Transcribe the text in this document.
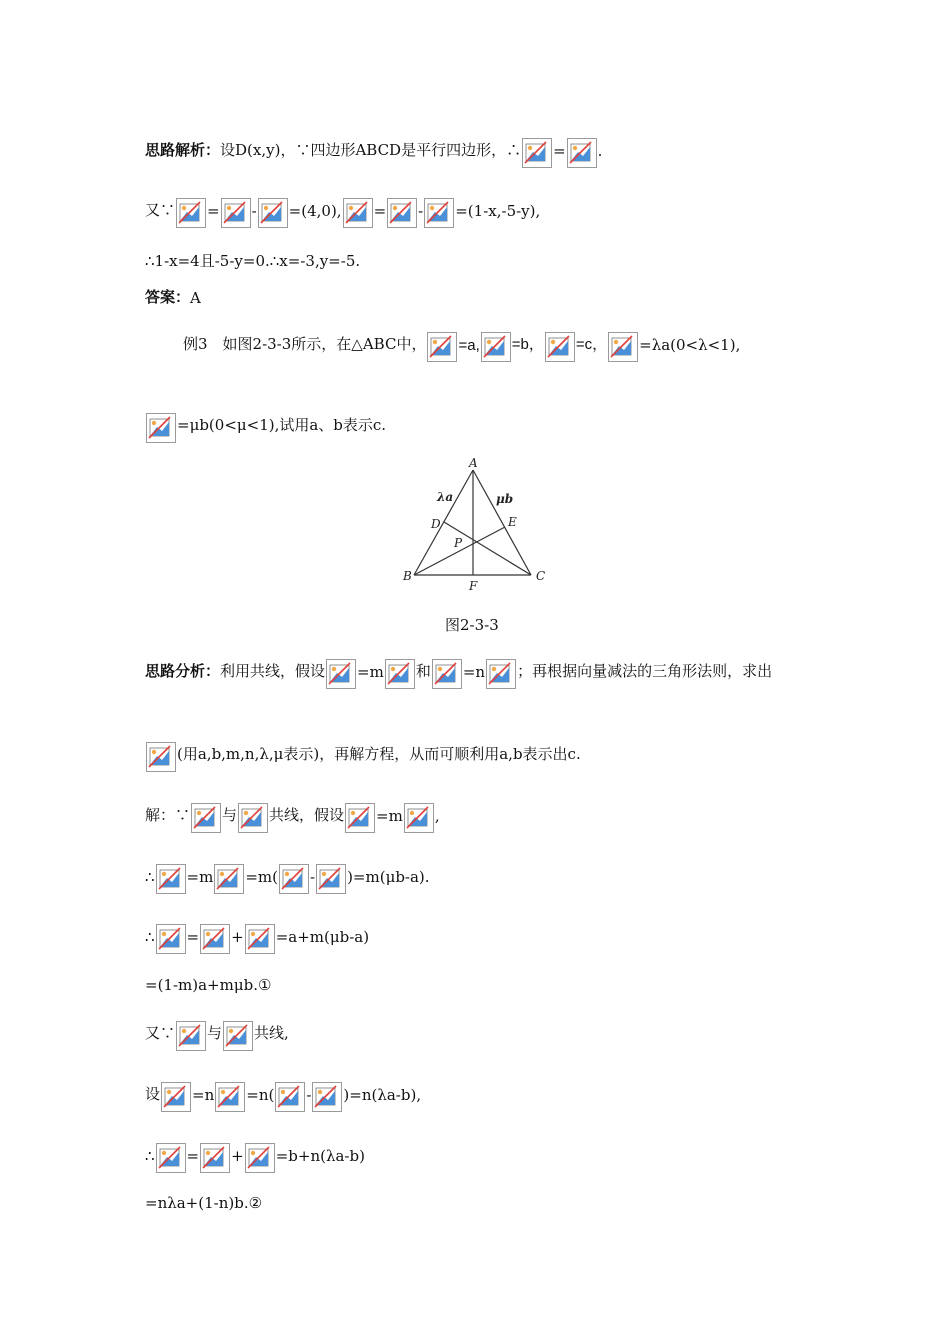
思路解析： 设D(x,y)，∵四边形ABCD是平行四边形，∴ = .
又∵ = - =(4,0), = - =(1-x,-5-y),
∴1-x=4且-5-y=0.∴x=-3,y=-5.
答案： A
例3　如图2-3-3所示，在△ABC中， =a, =b， =c， =λa(0<λ<1),
=μb(0<μ<1),试用a、b表示c.
A
B	C
D	E
F
P
λa	μb
图2-3-3
思路分析： 利用共线，假设 =m 和 =n ；再根据向量减法的三角形法则，求出
(用a,b,m,n,λ,μ表示)，再解方程，从而可顺利用a,b表示出c.
解：∵ 与 共线，假设 =m ,
∴ =m =m( - )=m(μb-a).
∴ = + =a+m(μb-a)
=(1-m)a+mμb.①
又∵ 与 共线,
设 =n =n( - )=n(λa-b),
∴ = + =b+n(λa-b)
=nλa+(1-n)b.②
